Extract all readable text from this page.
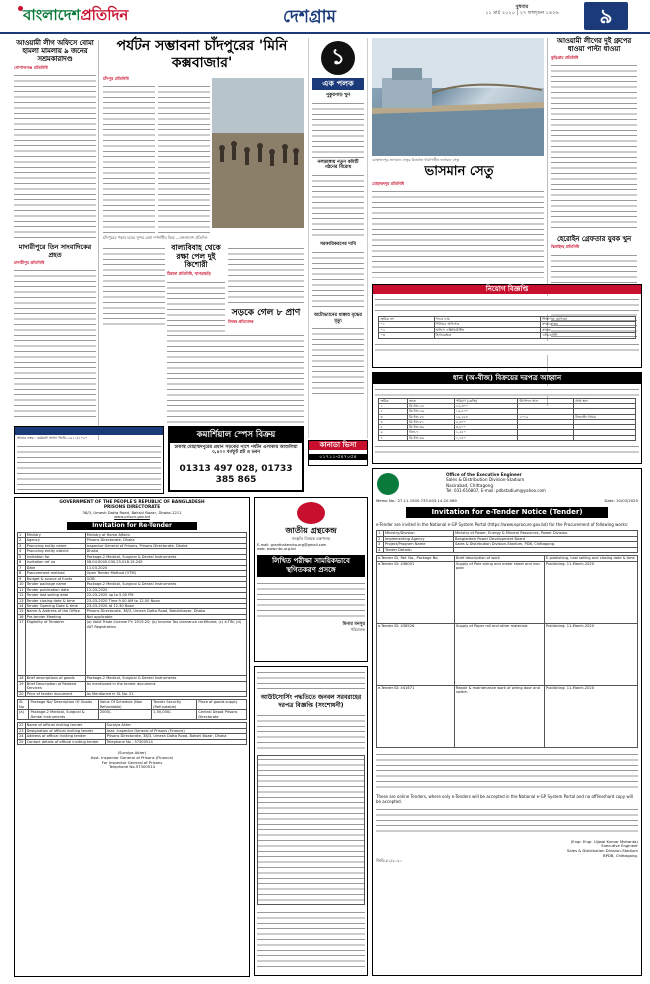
বাংলাদেশপ্রতিদিন	দেশগ্রাম	বুধবার
১১ মার্চ ২০২০ | ২৭ ফাল্গুন ১৪২৬	৯
আওয়ামী লীগ অফিসে বোমা হামলা মামলায় ৯ জনের সশ্রমকারাদণ্ড
গোপালগঞ্জ প্রতিনিধি
মাদারীপুরে তিন সাংবাদিকের প্রহত
মাদারীপুর প্রতিনিধি
পর্যটন সম্ভাবনা চাঁদপুরের 'মিনি কক্সবাজার'
চাঁদপুর প্রতিনিধি
চাঁদপুরের পদ্মার চরের সুন্দর মেঘা দর্শনার্থীর ভিড় —বাংলাদেশ প্রতিদিন
বাল্যবিবাহ থেকে রক্ষা পেল দুই কিশোরী
ঠিকানা প্রতিনিধি, খাগড়াছড়ি
সড়কে গেল ৮ প্রাণ
নিজস্ব প্রতিবেদক
১
এক পলক
পুকুরপাড় খুন
নলডাঙ্গায় নতুন কমিটি গঠনের বিরোধ
সরকারিকরণের দাবি
অটোভ্যানের ধাক্কায় বৃদ্ধের মৃত্যু
মোহাম্মদপুর-ভাসমান সেতুর উদ্বোধন নির্মাণাধীন ভাসমান সেতু
ভাসমান সেতু
মোহাম্মদপুর প্রতিনিধি
আওয়ামী লীগের দুই গ্রুপের ধাওয়া পাল্টা ধাওয়া
কুড়িগ্রাম প্রতিনিধি
হেরোইন গ্রেফতার যুবক খুন
ঝিনাইদহ প্রতিনিধি
নিয়োগ বিজ্ঞপ্তি
ক্রমিক নং	পদের নাম	শিক্ষাগত যোগ্যতা
০১	সিনিয়র অফিসার	স্নাতকোত্তর
০২	অফিস এক্সিকিউটিভ	স্নাতক
০৩	হিসাবরক্ষক	এইচএসসি
ধান (অ-বীজ) বিক্রয়ের দরপত্র আহ্বান
ক্রমিক	জাত	পরিমাণ (কেজি)	উৎপাদন সাল	প্রাপ্ত স্থান
১	ব্রি ধান-২৮	২৫,৩০০		
২	ব্রি ধান-২৯	১৬,৫০০		
৩	ব্রি ধান-৫৮	১৯,২৮৪	২০১৯	বীজবর্ধন খামার
৪	ব্রি ধান-৮১	৫,৬০০		
৫	ব্রি ধান-৩৯	৩,৯০০		
৬	বিনা-৭	১,৫৫০		
৭	ব্রি ধান-৪৯	১,১৪০		
আমার নম্বর : কর্মকর্তা সংখ্যা জিডি-১৯১১/২০২০	কমার্শিয়াল স্পেস বিক্রয়
ঢাকাস্থ মোহাম্মদপুরের প্রধান সড়কের পাশে পর্যটন এলাকায় আশুলিয়া ৩,৪০০ বর্গফুট প্লট ও ভবন
01313 497 028, 01733 385 865
কানাডা ভিসা
০১৭১১-৫৪৭০৫৪
GOVERNMENT OF THE PEOPLE'S REPUBLIC OF BANGLADESH
PRISONS DIRECTORATE
38/3, Umesh Datta Road, Bakshi Bazar, Dhaka-1211
www.prison.gov.bd
Invitation for Re-Tender
1	Ministry	Ministry of Home Affairs
2	Agency	Prisons Directorate, Dhaka
3	Procuring entity name	Inspector General of Prisons, Prisons Directorate, Dhaka
4	Procuring entity district	Dhaka
5	Invitation for	Package-2 Medical, Surgical & Dental Instruments
6	Invitation ref no	58.04.0000.030.25.018.19.245
7	Date	11.03.2020
8	Procurement method	Open Tender Method (OTM)
9	Budget & source of funds	GOB
10	Tender package name	Package-2 Medical, Surgical & Dental Instruments
11	Tender publication date	12-03-2020
12	Tender last selling date	22-03-2020 up to 5.00 PM
13	Tender closing date & time	23-03-2020 Time 9.00 AM to 12.00 Noon
14	Tender Opening Date & time	23-03-2020 at 12.30 Noon
15	Name & Address of the Office	Prisons Directorate, 38/3, Umesh Datta Road, Bakshibazar, Dhaka
16	Pre-tender Meeting	Not applicable
17	Eligibility of Tenderer	(a) Valid Trade License FY: 2019-20; (b) Income Tax clearance certificate; (c) e-TIN; (d) VAT Registration
18	Brief descriptions of goods	Package-2 Medical, Surgical & Dental Instruments
19	Brief Description of Related Services	As mentioned in the tender document.
20	Price of tender document	As Mentioned in SL No. 21
SL No	Package No/ Description Of Goods	Value Of Schedule (Non Refundable)	Tender Security (Refundable)	Place of goods supply
(a)	Package-2 Medical, Surgical & Dental Instruments	2000/-	1,50,000/-	Central Depot Prisons Directorate
22	Name of official inviting tender	Suraiya Akter
23	Designation of official inviting tender	Asst. Inspector General of Prisons (Finance)
24	Address of official inviting tender	Prisons Directorate, 38/3, Umesh Datta Road, Bakshi Bazar, Dhaka
25	Contact details of official inviting tender	Telephone No - 57300514
(Suraiya Akter)
Asst. Inspector General of Prisons (Finance)
For Inspector General of Prisons
Telephone No.57300514
জাতীয় গ্রন্থকেন্দ্র
সংস্কৃতি বিষয়ক মন্ত্রণালয়
E-mail: granthakendro.org@gmail.com
web: www.nbc.org.bd
লিখিত পরীক্ষা সাময়িকভাবে স্থগিতকরণ প্রসঙ্গে
মিনার মনসুর
পরিচালক
আউটসোর্সিং পদ্ধতিতে জনবল সরবরাহের দরপত্র বিজ্ঞপ্তি (সংশোধনী)
Office of the Executive Engineer
Sales & Distribution Division-Stadium
Nasirabad, Chittagong
Tel: 031-616807, E-mail: pdbstadium@yahoo.com
Memo No.: 27.11.1500.733.003.14.20.569	Date: 10/03/2020
Invitation for e-Tender Notice (Tender)
e-Tender are invited in the National e-GP System Portal (https://www.eprocure.gov.bd) for the Procurement of following works:
1	Ministry/Division	Ministry of Power, Energy & Mineral Resources, Power Division.
2	Implementing Agency	Bangladesh Power Development Board
3	Project/Program Name	Sales & Distribution Division-Stadium, PDB, Chittagong.
4	Tender Details:	
e-Tender ID, Ref. No., Package No.	Brief description of work	E-publishing, Last selling and closing date & time
e-Tender ID: 436001	Supply of Pole sizing and meter sheet and iron pole	Publishing: 11-March-2020
e-Tender ID: 438526	Supply of Paper roll and other materials	Publishing: 11-March-2020
e-Tender ID: 441671	Repair & maintenance work of wiring door and switch	Publishing: 11-March-2020
These are online Tenders, where only e-Tenders will be accepted in the National e-GP System Portal and no offline/hard copy will be accepted.
(Engr. Engr. Ujjwal Kumar Mohanta)
Executive Engineer
Sales & Distribution Division-Stadium
BPDB, Chittagong.
জিডি-৮১/২০২০
